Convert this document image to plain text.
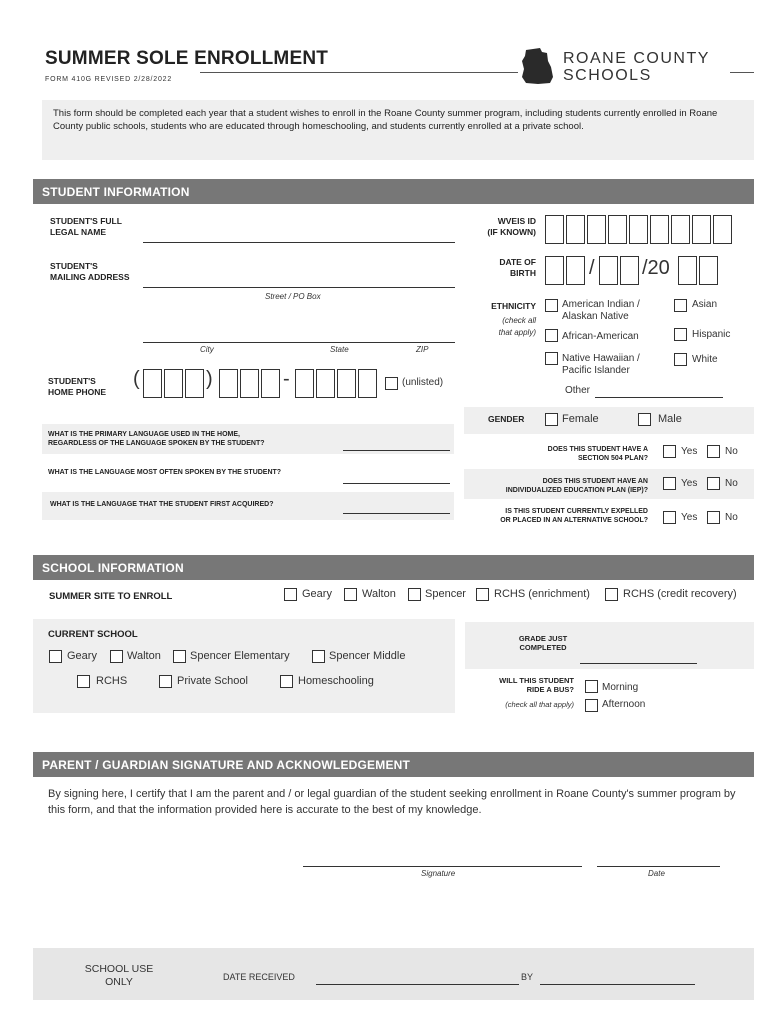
SUMMER SOLE ENROLLMENT
FORM 410G REVISED 2/28/2022
ROANE COUNTY
SCHOOLS
This form should be completed each year that a student wishes to enroll in the Roane County summer program, including students currently enrolled in Roane County public schools, students who are educated through homeschooling, and students currently enrolled at a private school.
STUDENT INFORMATION
STUDENT'S FULL
LEGAL NAME
STUDENT'S
MAILING ADDRESS
Street / PO Box
City	State	ZIP
STUDENT'S
HOME PHONE
(	)	-	(unlisted)
WHAT IS THE PRIMARY LANGUAGE USED IN THE HOME,
REGARDLESS OF THE LANGUAGE SPOKEN BY THE STUDENT?
WHAT IS THE LANGUAGE MOST OFTEN SPOKEN BY THE STUDENT?
WHAT IS THE LANGUAGE THAT THE STUDENT FIRST ACQUIRED?
WVEIS ID
(IF KNOWN)
DATE OF
BIRTH	/ /20
ETHNICITY
(check all
that apply)
American Indian /
Alaskan Native
Asian
African-American	Hispanic
Native Hawaiian /
Pacific Islander
White
Other
GENDER	Female	Male
DOES THIS STUDENT HAVE A
SECTION 504 PLAN?
Yes	No
DOES THIS STUDENT HAVE AN
INDIVIDUALIZED EDUCATION PLAN (IEP)?
Yes	No
IS THIS STUDENT CURRENTLY EXPELLED
OR PLACED IN AN ALTERNATIVE SCHOOL?	Yes	No
SCHOOL INFORMATION
SUMMER SITE TO ENROLL	Geary	Walton	Spencer	RCHS (enrichment)	RCHS (credit recovery)
CURRENT SCHOOL
Geary	Walton	Spencer Elementary	Spencer Middle
RCHS	Private School	Homeschooling
GRADE JUST
COMPLETED
WILL THIS STUDENT
RIDE A BUS?
(check all that apply)
Morning
Afternoon
PARENT / GUARDIAN SIGNATURE AND ACKNOWLEDGEMENT
By signing here, I certify that I am the parent and / or legal guardian of the student seeking enrollment in Roane County's summer program by this form, and that the information provided here is accurate to the best of my knowledge.
Signature	Date
SCHOOL USE
ONLY	DATE RECEIVED	BY
